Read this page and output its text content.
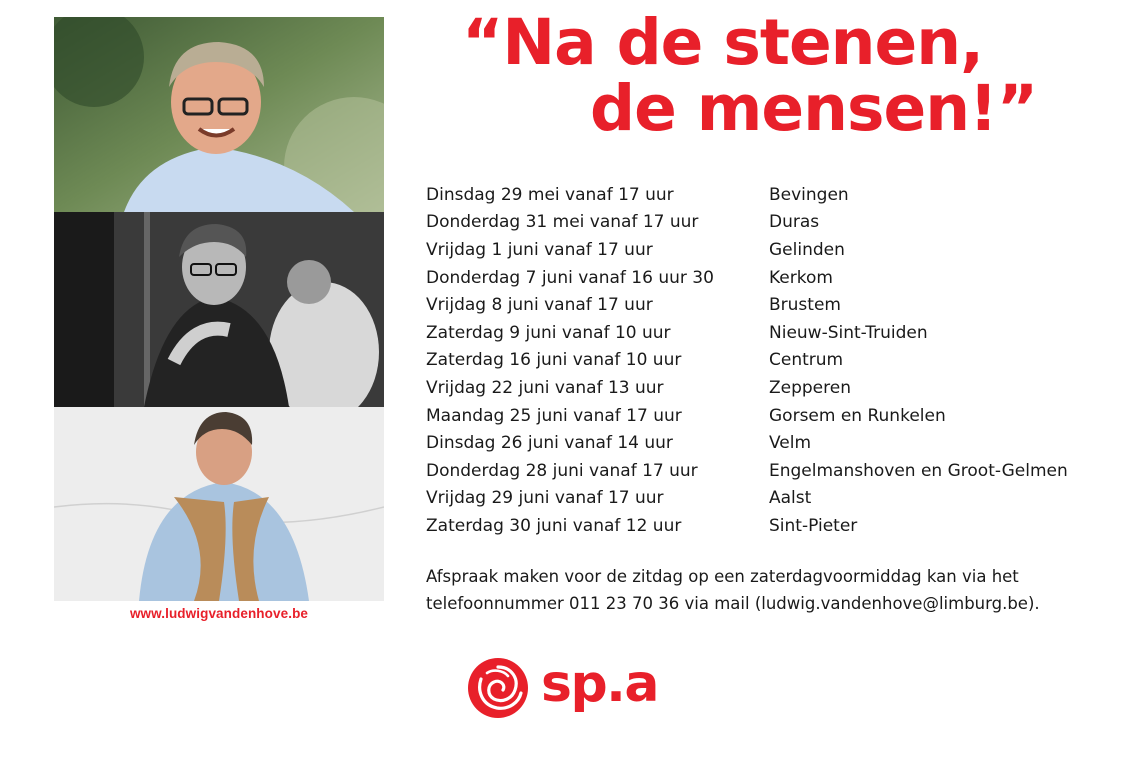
www.ludwigvandenhove.be
“Na de stenen,
de mensen!”
Dinsdag 29 mei vanaf 17 uur	Bevingen
Donderdag 31 mei vanaf 17 uur	Duras
Vrijdag 1 juni vanaf 17 uur	Gelinden
Donderdag 7 juni vanaf 16 uur 30	Kerkom
Vrijdag 8 juni vanaf 17 uur	Brustem
Zaterdag 9 juni vanaf 10 uur	Nieuw-Sint-Truiden
Zaterdag 16 juni vanaf 10 uur	Centrum
Vrijdag 22 juni vanaf 13 uur	Zepperen
Maandag 25 juni vanaf 17 uur	Gorsem en Runkelen
Dinsdag 26 juni vanaf 14 uur	Velm
Donderdag 28 juni vanaf 17 uur	Engelmanshoven en Groot-Gelmen
Vrijdag 29 juni vanaf 17 uur	Aalst
Zaterdag 30 juni vanaf 12 uur	Sint-Pieter
Afspraak maken voor de zitdag op een zaterdagvoormiddag kan via het
telefoonnummer 011 23 70 36 via mail (ludwig.vandenhove@limburg.be).
sp.a
